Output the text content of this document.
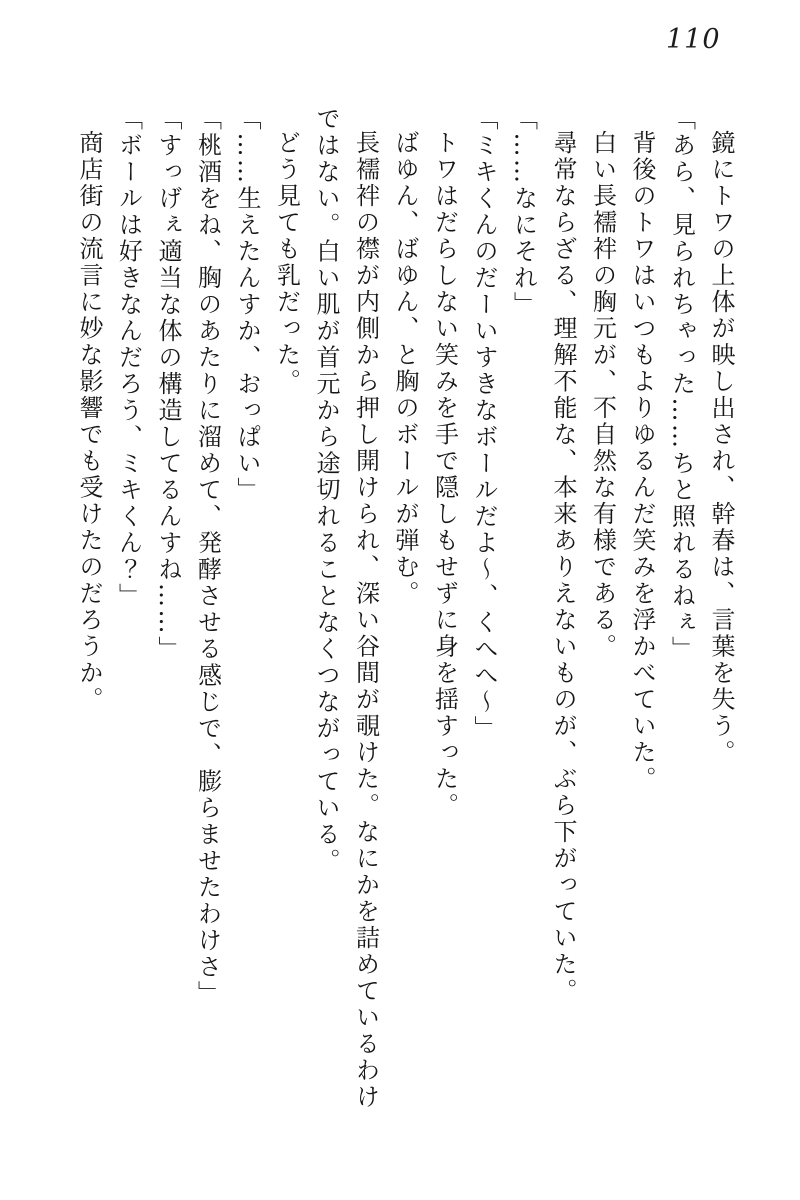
110

鏡にトワの上体が映し出され、幹春は、言葉を失う。

「あら、見られちゃった……ちと照れるねぇ」

背後のトワはいつもよりゆるんだ笑みを浮かべていた。

白い長襦袢の胸元が、不自然な有様である。

尋常ならざる、理解不能な、本来ありえないものが、ぶら下がっていた。

「……なにそれ」

「ミキくんのだーいすきなボールだよ〜、くへへ〜」

トワはだらしない笑みを手で隠しもせずに身を揺すった。

ばゆん、ばゆん、と胸のボールが弾む。

長襦袢の襟が内側から押し開けられ、深い谷間が覗けた。なにかを詰めているわけではない。白い肌が首元から途切れることなくつながっている。

どう見ても乳だった。

「……生えたんすか、おっぱい」

「桃酒をね、胸のあたりに溜めて、発酵させる感じで、膨らませたわけさ」

「すっげぇ適当な体の構造してるんすね……」

「ボールは好きなんだろう、ミキくん？」

商店街の流言に妙な影響でも受けたのだろうか。
